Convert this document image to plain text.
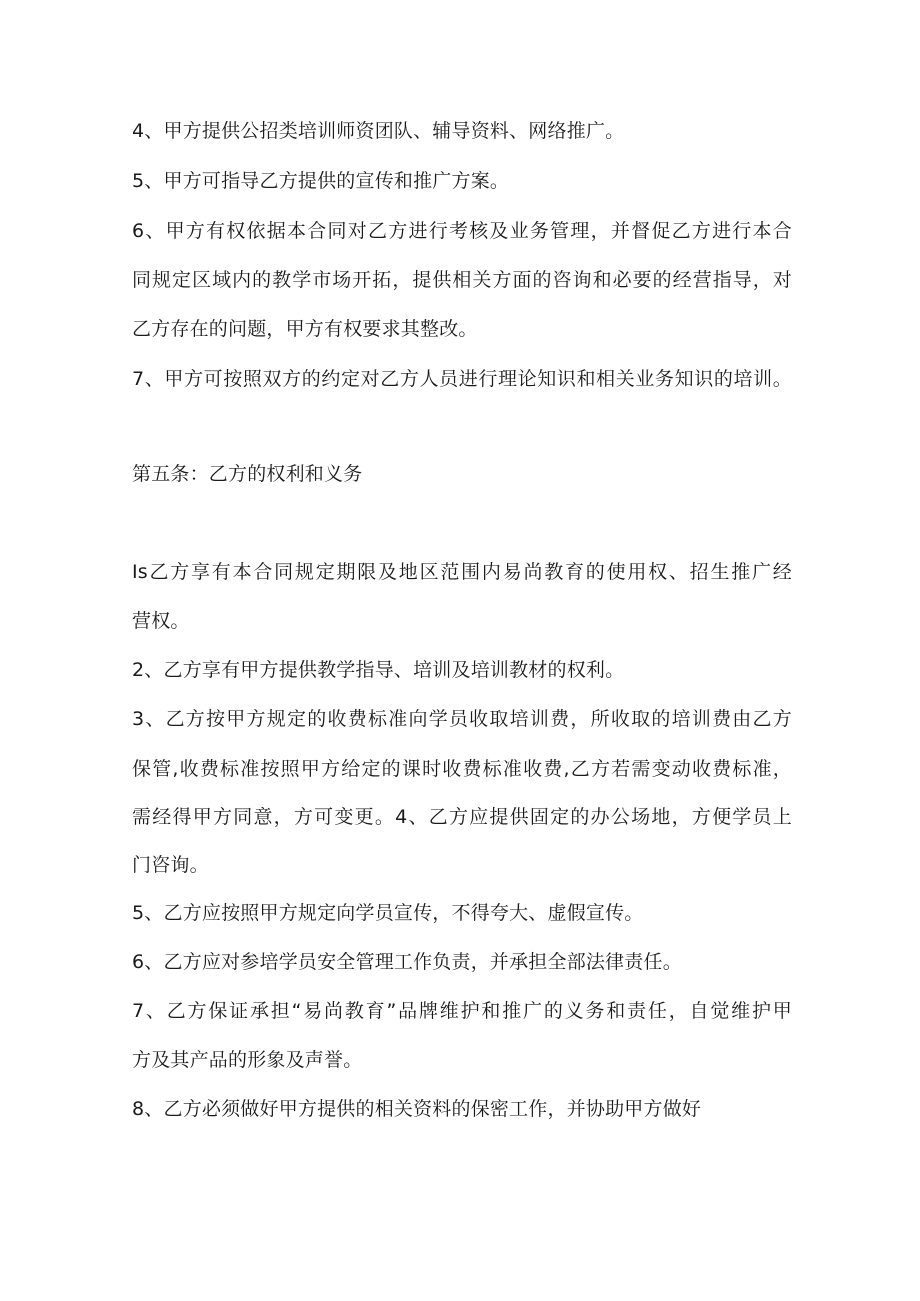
4、甲方提供公招类培训师资团队、辅导资料、网络推广。
5、甲方可指导乙方提供的宣传和推广方案。
6、甲方有权依据本合同对乙方进行考核及业务管理，并督促乙方进行本合
同规定区域内的教学市场开拓，提供相关方面的咨询和必要的经营指导，对
乙方存在的问题，甲方有权要求其整改。
7、甲方可按照双方的约定对乙方人员进行理论知识和相关业务知识的培训。
第五条：乙方的权利和义务
Is乙方享有本合同规定期限及地区范围内易尚教育的使用权、招生推广经
营权。
2、乙方享有甲方提供教学指导、培训及培训教材的权利。
3、乙方按甲方规定的收费标准向学员收取培训费，所收取的培训费由乙方
保管,收费标准按照甲方给定的课时收费标准收费,乙方若需变动收费标准，
需经得甲方同意，方可变更。4、乙方应提供固定的办公场地，方便学员上
门咨询。
5、乙方应按照甲方规定向学员宣传，不得夸大、虚假宣传。
6、乙方应对参培学员安全管理工作负责，并承担全部法律责任。
7、乙方保证承担“易尚教育”品牌维护和推广的义务和责任，自觉维护甲
方及其产品的形象及声誉。
8、乙方必须做好甲方提供的相关资料的保密工作，并协助甲方做好
